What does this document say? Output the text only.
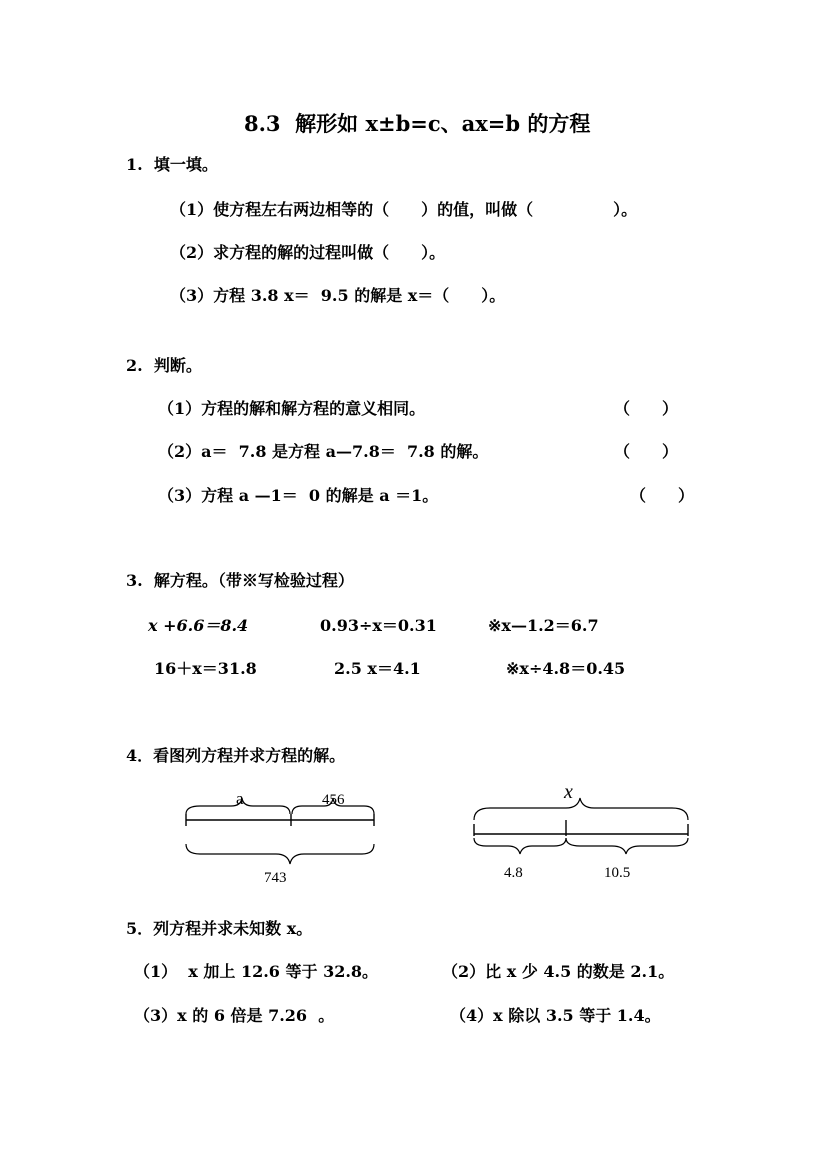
8.3  解形如 x±b=c、ax=b 的方程
1.  填一填。
（1）使方程左右两边相等的（　　）的值，叫做（　　　　　）。
（2）求方程的解的过程叫做（　　）。
（3）方程 3.8 x＝  9.5 的解是 x＝（　　）。
2.  判断。
（1）方程的解和解方程的意义相同。	（　　）
（2）a＝  7.8 是方程 a—7.8＝  7.8 的解。	（　　）
（3）方程 a —1＝  0 的解是 a ＝1。	（　　）
3.  解方程。（带※写检验过程）
x +6.6＝8.4	0.93÷x＝0.31	※x—1.2＝6.7
16＋x＝31.8	2.5 x＝4.1	※x÷4.8＝0.45
4．看图列方程并求方程的解。
a	456
743
x
4.8	10.5
5．列方程并求未知数 x。
（1）  x 加上 12.6 等于 32.8。	（2）比 x 少 4.5 的数是 2.1。
（3）x 的 6 倍是 7.26  。	（4）x 除以 3.5 等于 1.4。
